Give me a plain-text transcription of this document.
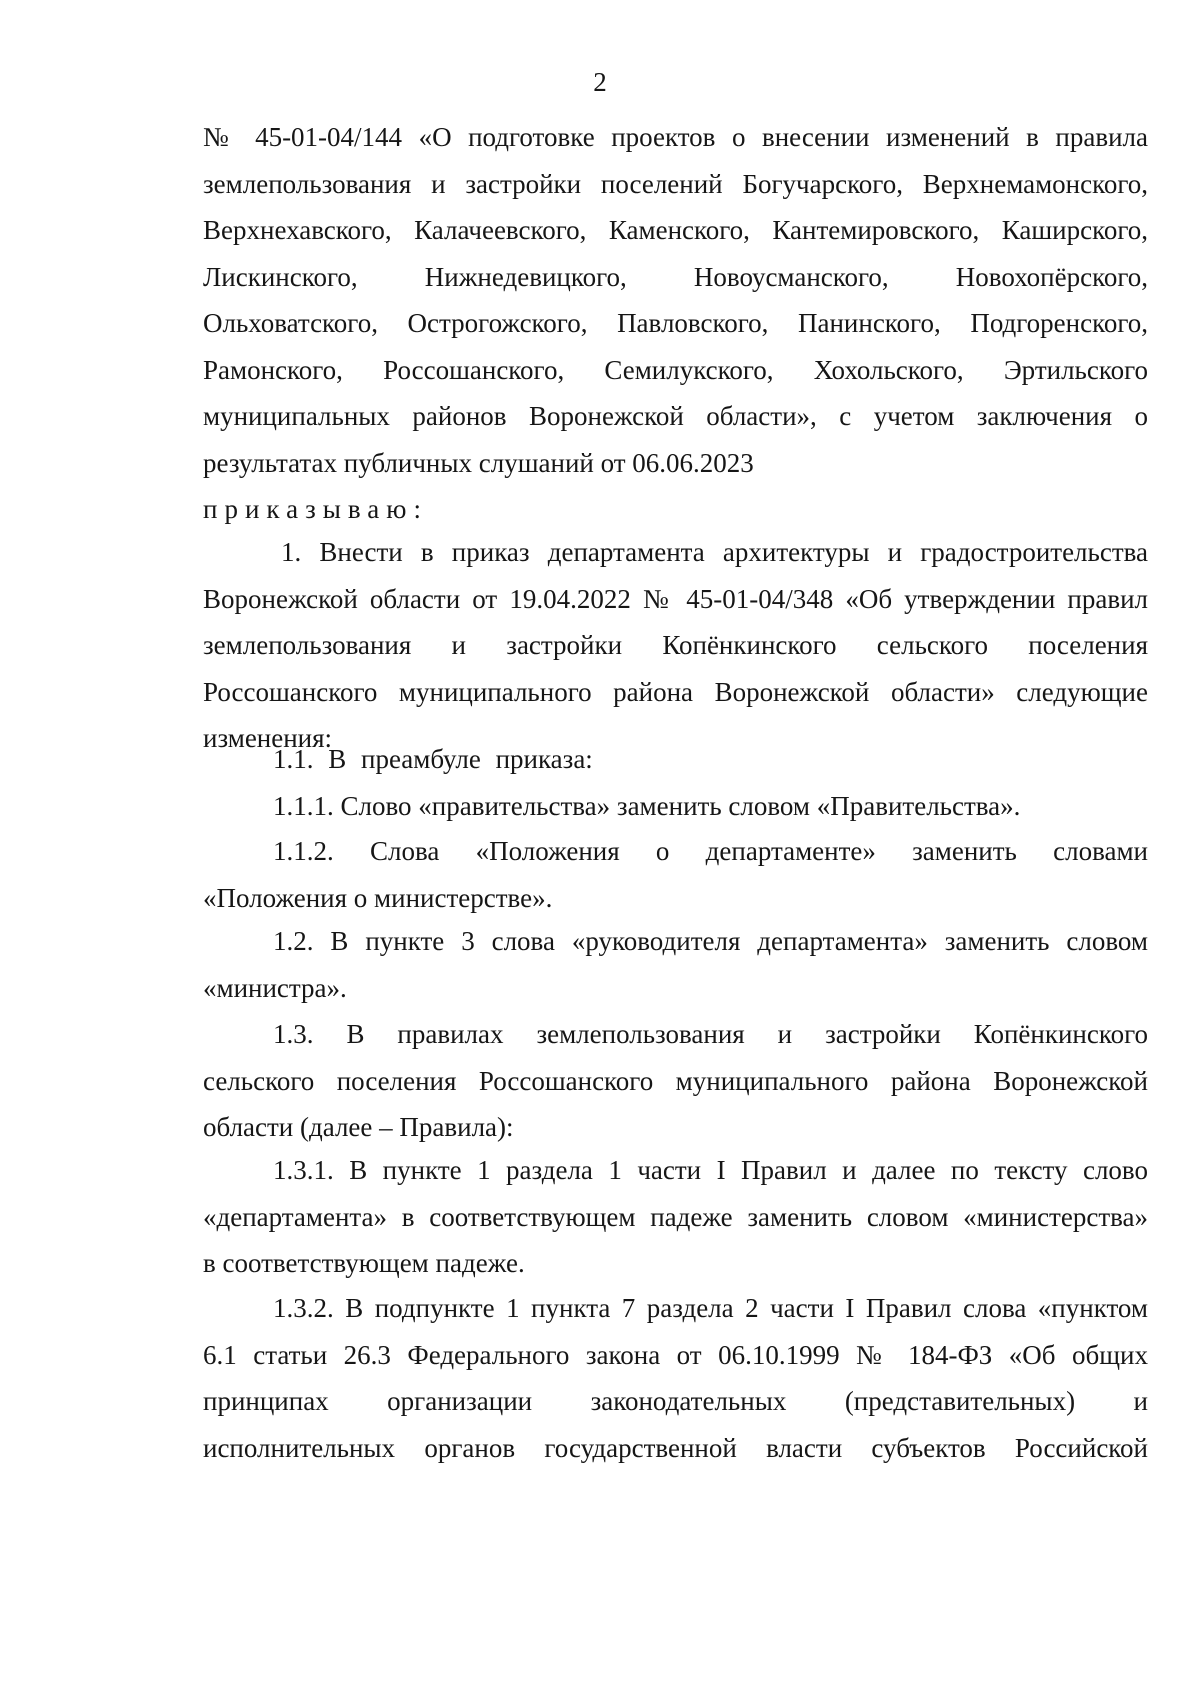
2
№ 45-01-04/144 «О подготовке проектов о внесении изменений в правила
землепользования и застройки поселений Богучарского, Верхнемамонского,
Верхнехавского, Калачеевского, Каменского, Кантемировского, Каширского,
Лискинского, Нижнедевицкого, Новоусманского, Новохопёрского,
Ольховатского, Острогожского, Павловского, Панинского, Подгоренского,
Рамонского, Россошанского, Семилукского, Хохольского, Эртильского
муниципальных районов Воронежской области», с учетом заключения о
результатах публичных слушаний от 06.06.2023
приказываю:
1. Внести в приказ департамента архитектуры и градостроительства
Воронежской области от 19.04.2022 № 45-01-04/348 «Об утверждении правил
землепользования и застройки Копёнкинского сельского поселения
Россошанского муниципального района Воронежской области» следующие
изменения:
1.1. В преамбуле приказа:
1.1.1. Слово «правительства» заменить словом «Правительства».
1.1.2. Слова «Положения о департаменте» заменить словами
«Положения о министерстве».
1.2. В пункте 3 слова «руководителя департамента» заменить словом
«министра».
1.3. В правилах землепользования и застройки Копёнкинского
сельского поселения Россошанского муниципального района Воронежской
области (далее – Правила):
1.3.1. В пункте 1 раздела 1 части I Правил и далее по тексту слово
«департамента» в соответствующем падеже заменить словом «министерства»
в соответствующем падеже.
1.3.2. В подпункте 1 пункта 7 раздела 2 части I Правил слова «пунктом
6.1 статьи 26.3 Федерального закона от 06.10.1999 № 184-ФЗ «Об общих
принципах организации законодательных (представительных) и
исполнительных органов государственной власти субъектов Российской
